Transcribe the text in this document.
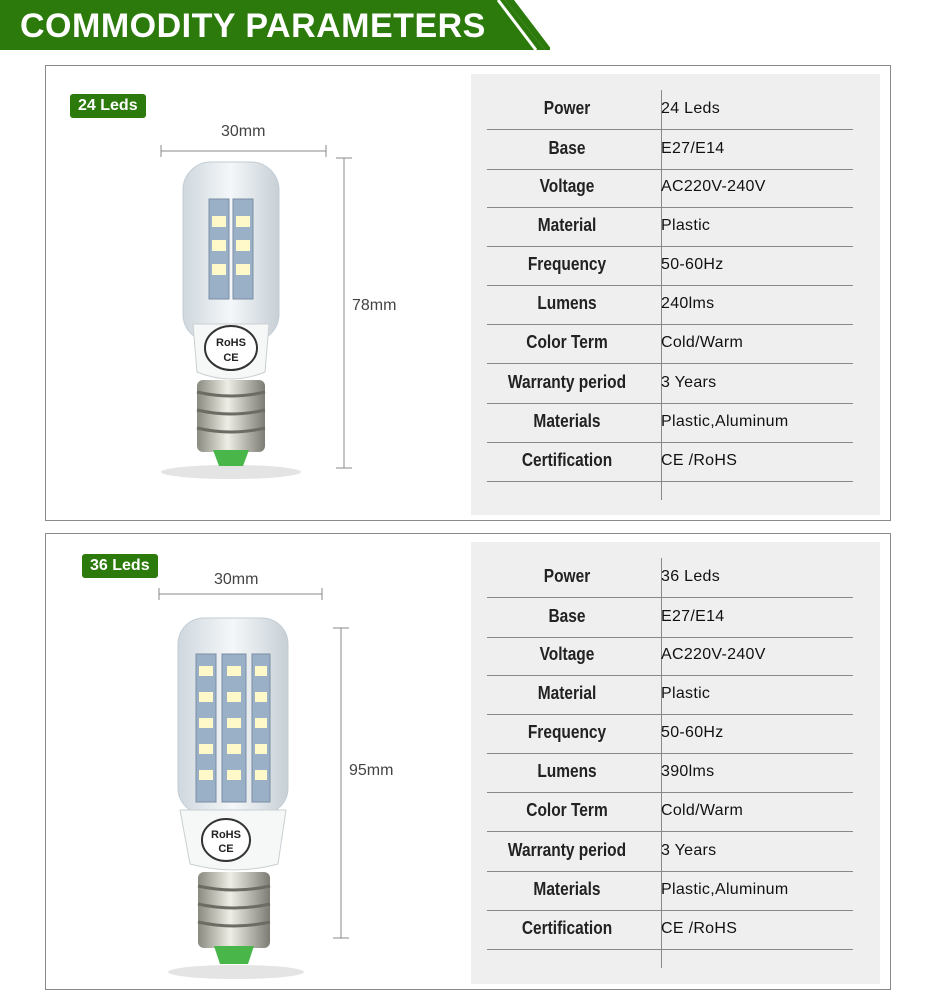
COMMODITY PARAMETERS
24 Leds
30mm
78mm
RoHS
CE
Power	24 Leds
Base	E27/E14
Voltage	AC220V-240V
Material	Plastic
Frequency	50-60Hz
Lumens	240lms
Color Term	Cold/Warm
Warranty period	3 Years
Materials	Plastic,Aluminum
Certification	CE /RoHS
36 Leds
30mm
95mm
RoHS
CE
Power	36 Leds
Base	E27/E14
Voltage	AC220V-240V
Material	Plastic
Frequency	50-60Hz
Lumens	390lms
Color Term	Cold/Warm
Warranty period	3 Years
Materials	Plastic,Aluminum
Certification	CE /RoHS
